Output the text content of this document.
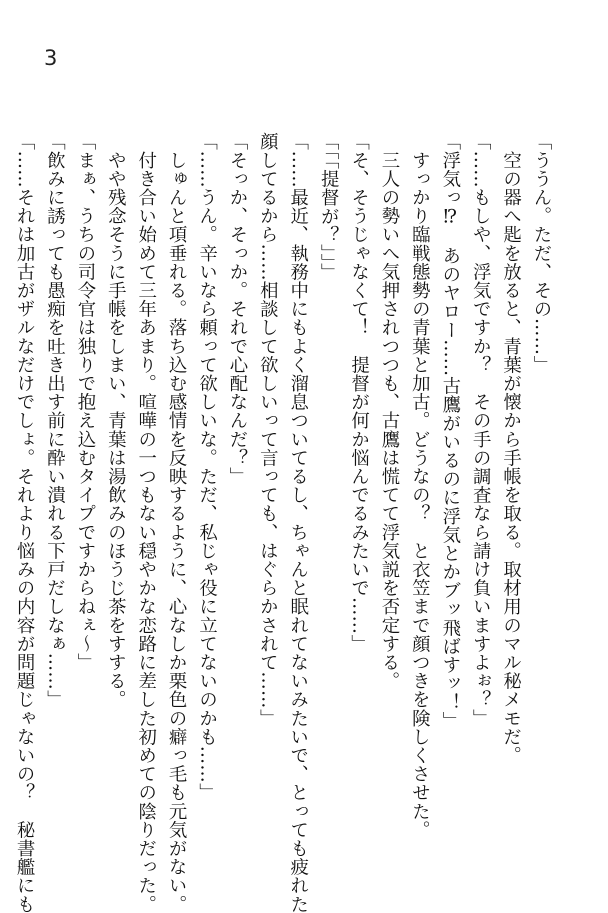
3
「ううん。ただ、その……」
　空の器へ匙を放ると、青葉が懐から手帳を取る。取材用のマル秘メモだ。
「……もしや、浮気ですか？　その手の調査なら請け負いますよぉ？」
「浮気っ⁉　あのヤロー……古鷹がいるのに浮気とかブッ飛ばすッ！」
　すっかり臨戦態勢の青葉と加古。どうなの？　と衣笠まで顔つきを険しくさせた。
　三人の勢いへ気押されつつも、古鷹は慌てて浮気説を否定する。
「そ、そうじゃなくて！　提督が何か悩んでるみたいで……」
「「「提督が？」」」
「……最近、執務中にもよく溜息ついてるし、ちゃんと眠れてないみたいで、とっても疲れた
顔してるから……相談して欲しいって言っても、はぐらかされて……」
「そっか、そっか。それで心配なんだ？」
「……うん。辛いなら頼って欲しいな。ただ、私じゃ役に立てないのかも……」
　しゅんと項垂れる。落ち込む感情を反映するように、心なしか栗色の癖っ毛も元気がない。
　付き合い始めて三年あまり。喧嘩の一つもない穏やかな恋路に差した初めての陰りだった。
　やや残念そうに手帳をしまい、青葉は湯飲みのほうじ茶をすする。
「まぁ、うちの司令官は独りで抱え込むタイプですからねぇ～」
「飲みに誘っても愚痴を吐き出す前に酔い潰れる下戸だしなぁ……」
「……それは加古がザルなだけでしょ。それより悩みの内容が問題じゃないの？　秘書艦にも
